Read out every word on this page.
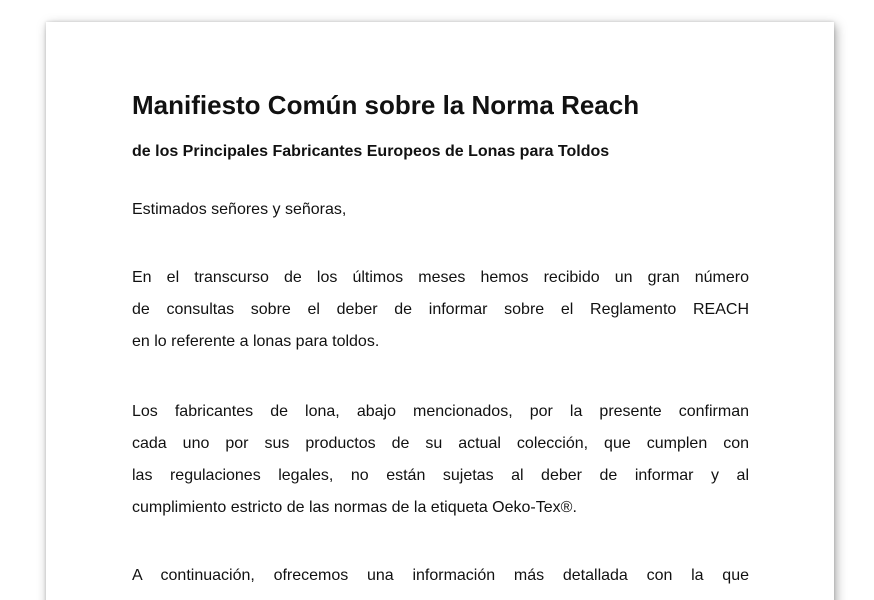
Manifiesto Común sobre la Norma Reach
de los Principales Fabricantes Europeos de Lonas para Toldos

Estimados señores y señoras,

En el transcurso de los últimos meses hemos recibido un gran número
de consultas sobre el deber de informar sobre el Reglamento REACH
en lo referente a lonas para toldos.

Los fabricantes de lona, abajo mencionados, por la presente confirman
cada uno por sus productos de su actual colección, que cumplen con
las regulaciones legales, no están sujetas al deber de informar y al
cumplimiento estricto de las normas de la etiqueta Oeko-Tex®.

A continuación, ofrecemos una información más detallada con la que
